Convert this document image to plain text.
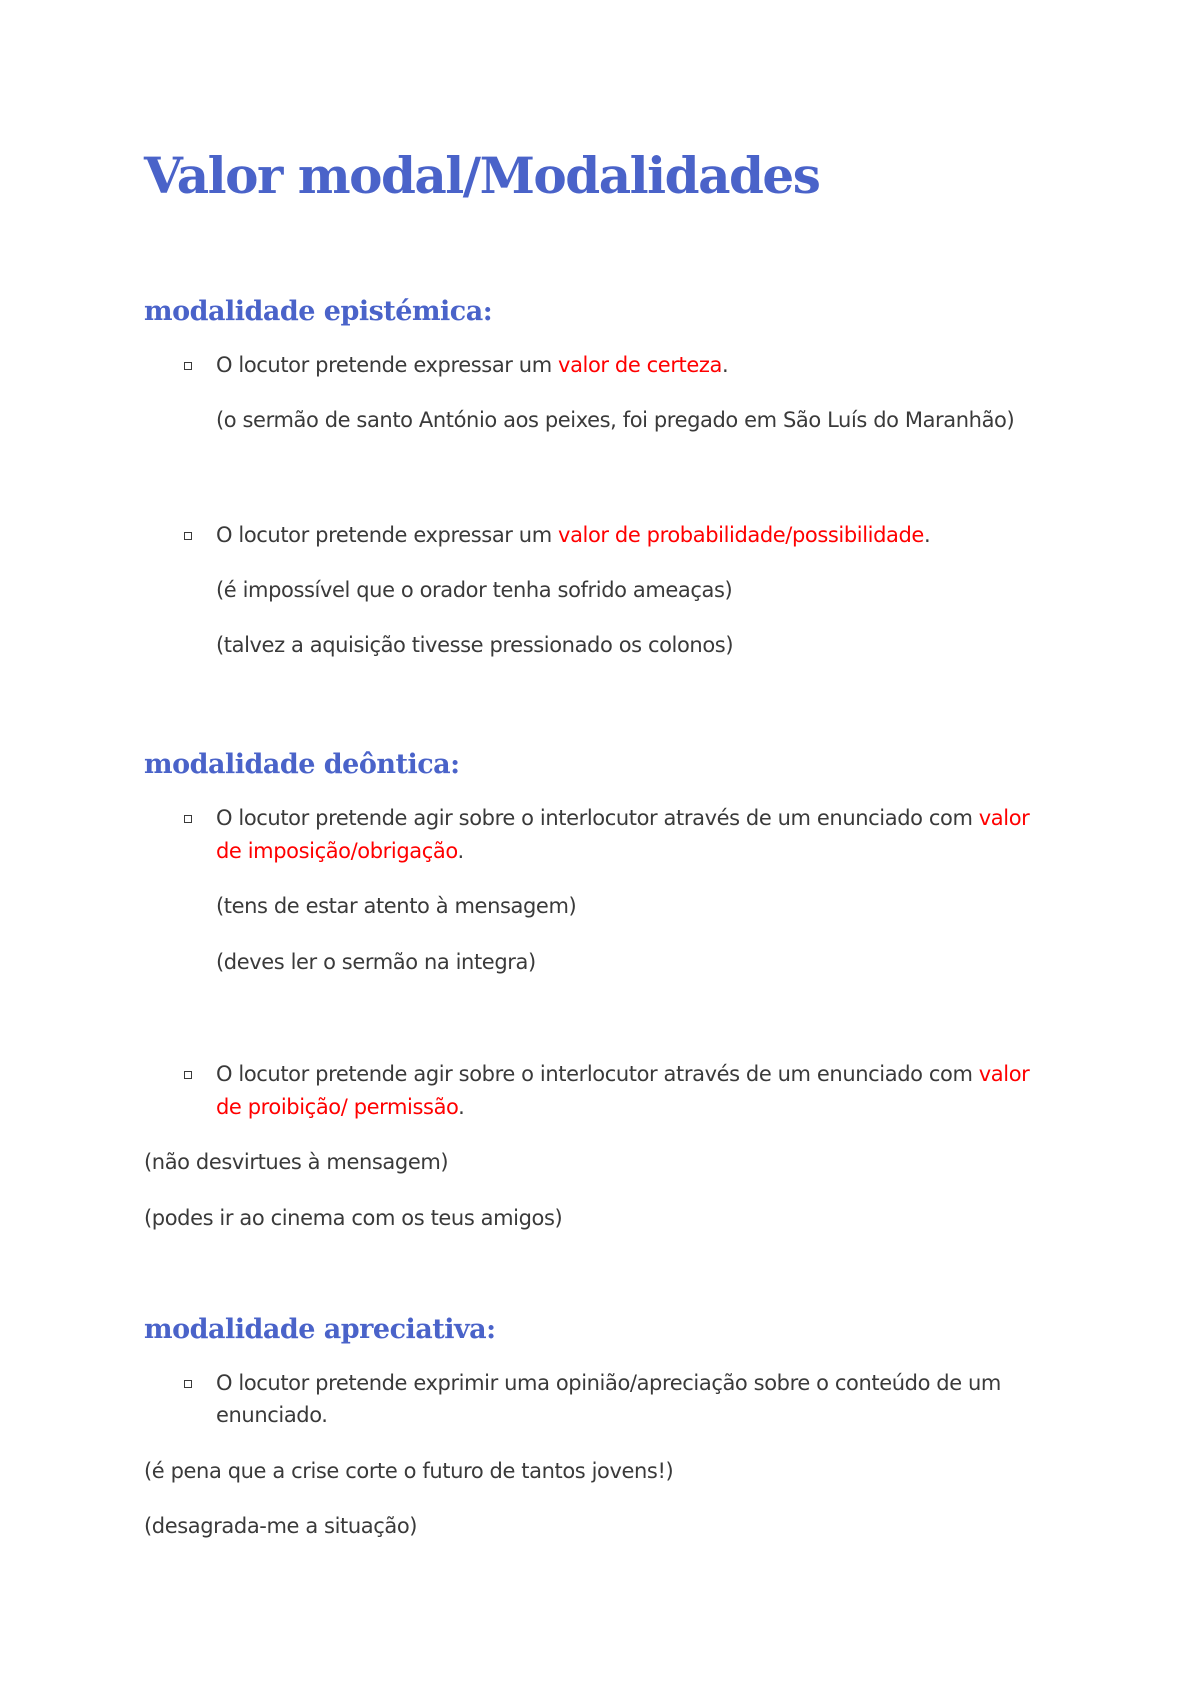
Valor modal/Modalidades
modalidade epistémica:

O locutor pretende expressar um valor de certeza.

(o sermão de santo António aos peixes, foi pregado em São Luís do Maranhão)

O locutor pretende expressar um valor de probabilidade/possibilidade.

(é impossível que o orador tenha sofrido ameaças)

(talvez a aquisição tivesse pressionado os colonos)

modalidade deôntica:

O locutor pretende agir sobre o interlocutor através de um enunciado com valor

de imposição/obrigação.

(tens de estar atento à mensagem)

(deves ler o sermão na integra)

O locutor pretende agir sobre o interlocutor através de um enunciado com valor

de proibição/ permissão.

(não desvirtues à mensagem)

(podes ir ao cinema com os teus amigos)

modalidade apreciativa:

O locutor pretende exprimir uma opinião/apreciação sobre o conteúdo de um

enunciado.

(é pena que a crise corte o futuro de tantos jovens!)

(desagrada-me a situação)
